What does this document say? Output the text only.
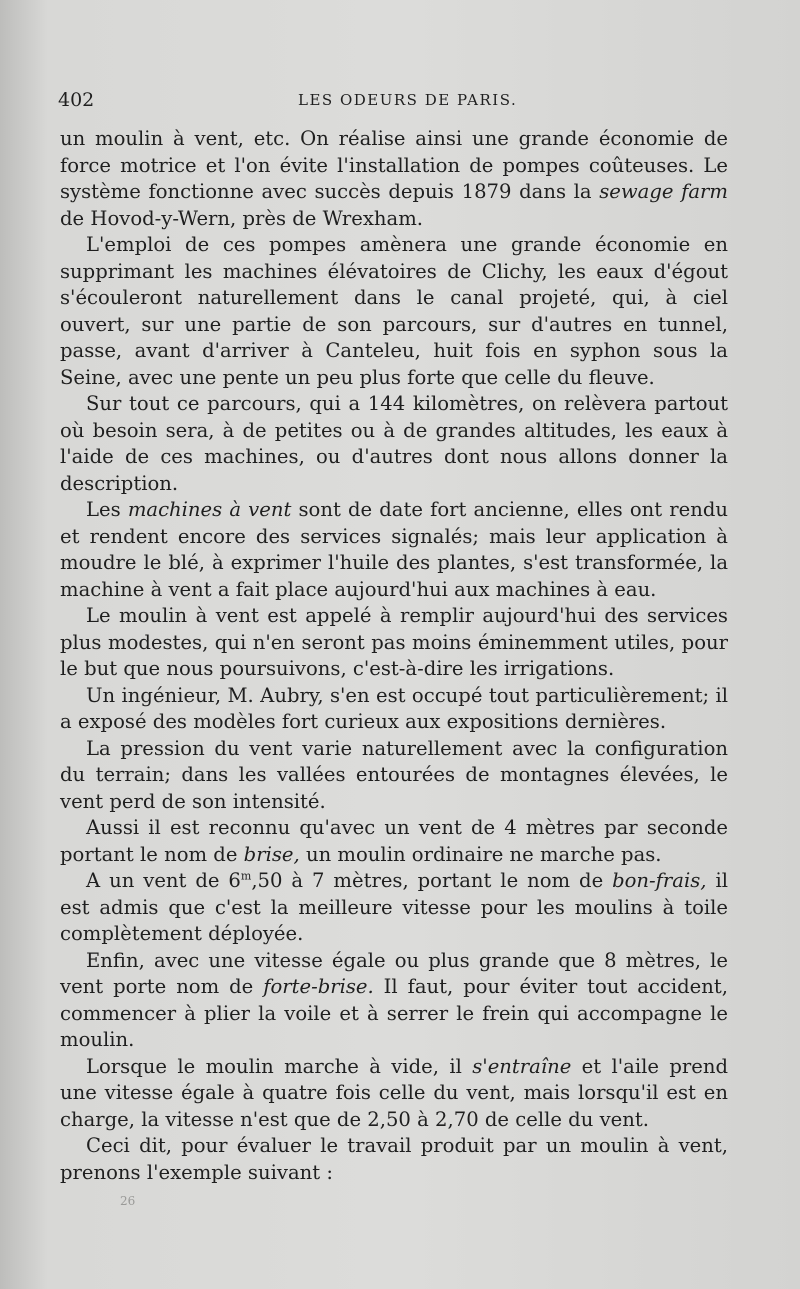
402	LES ODEURS DE PARIS.

un moulin à vent, etc. On réalise ainsi une grande économie de force motrice et l'on évite l'installation de pompes coûteuses. Le système fonctionne avec succès depuis 1879 dans la sewage farm de Hovod-y-Wern, près de Wrexham.

L'emploi de ces pompes amènera une grande économie en supprimant les machines élévatoires de Clichy, les eaux d'égout s'écouleront naturellement dans le canal projeté, qui, à ciel ouvert, sur une partie de son parcours, sur d'autres en tunnel, passe, avant d'arriver à Canteleu, huit fois en syphon sous la Seine, avec une pente un peu plus forte que celle du fleuve.

Sur tout ce parcours, qui a 144 kilomètres, on relèvera partout où besoin sera, à de petites ou à de grandes altitudes, les eaux à l'aide de ces machines, ou d'autres dont nous allons donner la description.

Les machines à vent sont de date fort ancienne, elles ont rendu et rendent encore des services signalés; mais leur application à moudre le blé, à exprimer l'huile des plantes, s'est transformée, la machine à vent a fait place aujourd'hui aux machines à eau.

Le moulin à vent est appelé à remplir aujourd'hui des services plus modestes, qui n'en seront pas moins éminemment utiles, pour le but que nous poursuivons, c'est-à-dire les irrigations.

Un ingénieur, M. Aubry, s'en est occupé tout particulièrement; il a exposé des modèles fort curieux aux expositions dernières.

La pression du vent varie naturellement avec la configuration du terrain; dans les vallées entourées de montagnes élevées, le vent perd de son intensité.

Aussi il est reconnu qu'avec un vent de 4 mètres par seconde portant le nom de brise, un moulin ordinaire ne marche pas.

A un vent de 6$^m$,50 à 7 mètres, portant le nom de bon-frais, il est admis que c'est la meilleure vitesse pour les moulins à toile complètement déployée.

Enfin, avec une vitesse égale ou plus grande que 8 mètres, le vent porte nom de forte-brise. Il faut, pour éviter tout accident, commencer à plier la voile et à serrer le frein qui accompagne le moulin.

Lorsque le moulin marche à vide, il s'entraîne et l'aile prend une vitesse égale à quatre fois celle du vent, mais lorsqu'il est en charge, la vitesse n'est que de 2,50 à 2,70 de celle du vent.

Ceci dit, pour évaluer le travail produit par un moulin à vent, prenons l'exemple suivant :

26
